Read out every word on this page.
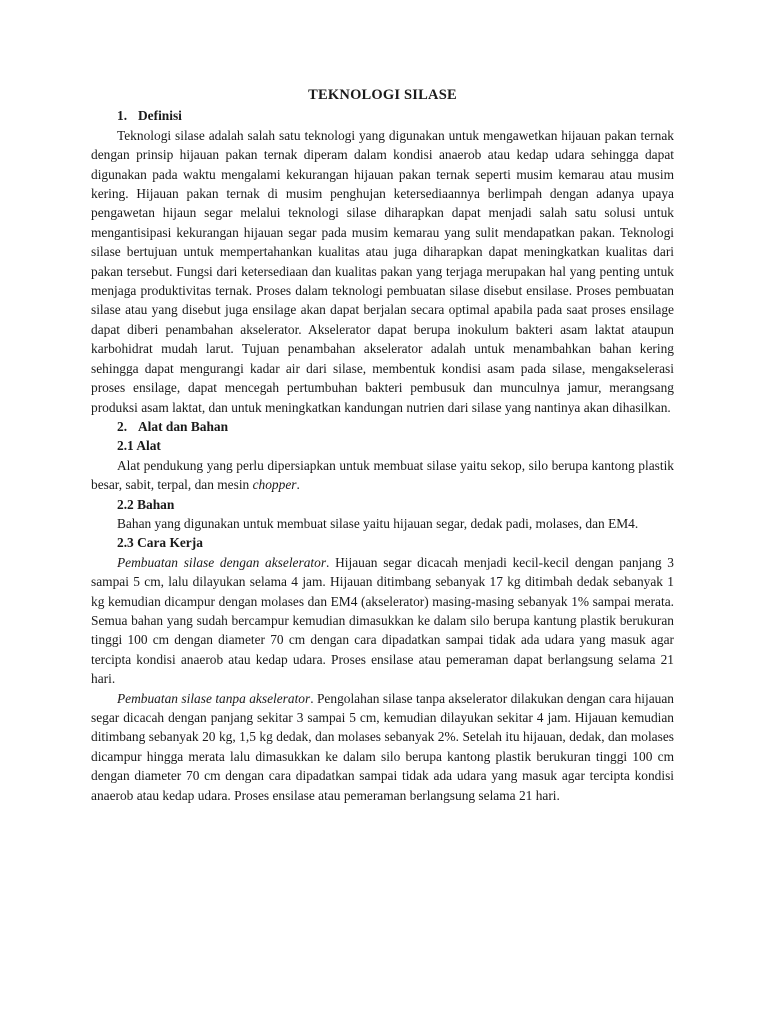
TEKNOLOGI SILASE
1. Definisi

Teknologi silase adalah salah satu teknologi yang digunakan untuk mengawetkan hijauan pakan ternak dengan prinsip hijauan pakan ternak diperam dalam kondisi anaerob atau kedap udara sehingga dapat digunakan pada waktu mengalami kekurangan hijauan pakan ternak seperti musim kemarau atau musim kering. Hijauan pakan ternak di musim penghujan ketersediaannya berlimpah dengan adanya upaya pengawetan hijaun segar melalui teknologi silase diharapkan dapat menjadi salah satu solusi untuk mengantisipasi kekurangan hijauan segar pada musim kemarau yang sulit mendapatkan pakan. Teknologi silase bertujuan untuk mempertahankan kualitas atau juga diharapkan dapat meningkatkan kualitas dari pakan tersebut. Fungsi dari ketersediaan dan kualitas pakan yang terjaga merupakan hal yang penting untuk menjaga produktivitas ternak. Proses dalam teknologi pembuatan silase disebut ensilase. Proses pembuatan silase atau yang disebut juga ensilage akan dapat berjalan secara optimal apabila pada saat proses ensilage dapat diberi penambahan akselerator. Akselerator dapat berupa inokulum bakteri asam laktat ataupun karbohidrat mudah larut. Tujuan penambahan akselerator adalah untuk menambahkan bahan kering sehingga dapat mengurangi kadar air dari silase, membentuk kondisi asam pada silase, mengakselerasi proses ensilage, dapat mencegah pertumbuhan bakteri pembusuk dan munculnya jamur, merangsang produksi asam laktat, dan untuk meningkatkan kandungan nutrien dari silase yang nantinya akan dihasilkan.

2. Alat dan Bahan
2.1 Alat

Alat pendukung yang perlu dipersiapkan untuk membuat silase yaitu sekop, silo berupa kantong plastik besar, sabit, terpal, dan mesin chopper.

2.2 Bahan

Bahan yang digunakan untuk membuat silase yaitu hijauan segar, dedak padi, molases, dan EM4.

2.3 Cara Kerja

Pembuatan silase dengan akselerator. Hijauan segar dicacah menjadi kecil-kecil dengan panjang 3 sampai 5 cm, lalu dilayukan selama 4 jam. Hijauan ditimbang sebanyak 17 kg ditimbah dedak sebanyak 1 kg kemudian dicampur dengan molases dan EM4 (akselerator) masing-masing sebanyak 1% sampai merata. Semua bahan yang sudah bercampur kemudian dimasukkan ke dalam silo berupa kantung plastik berukuran tinggi 100 cm dengan diameter 70 cm dengan cara dipadatkan sampai tidak ada udara yang masuk agar tercipta kondisi anaerob atau kedap udara. Proses ensilase atau pemeraman dapat berlangsung selama 21 hari.

Pembuatan silase tanpa akselerator. Pengolahan silase tanpa akselerator dilakukan dengan cara hijauan segar dicacah dengan panjang sekitar 3 sampai 5 cm, kemudian dilayukan sekitar 4 jam. Hijauan kemudian ditimbang sebanyak 20 kg, 1,5 kg dedak, dan molases sebanyak 2%. Setelah itu hijauan, dedak, dan molases dicampur hingga merata lalu dimasukkan ke dalam silo berupa kantong plastik berukuran tinggi 100 cm dengan diameter 70 cm dengan cara dipadatkan sampai tidak ada udara yang masuk agar tercipta kondisi anaerob atau kedap udara. Proses ensilase atau pemeraman berlangsung selama 21 hari.
